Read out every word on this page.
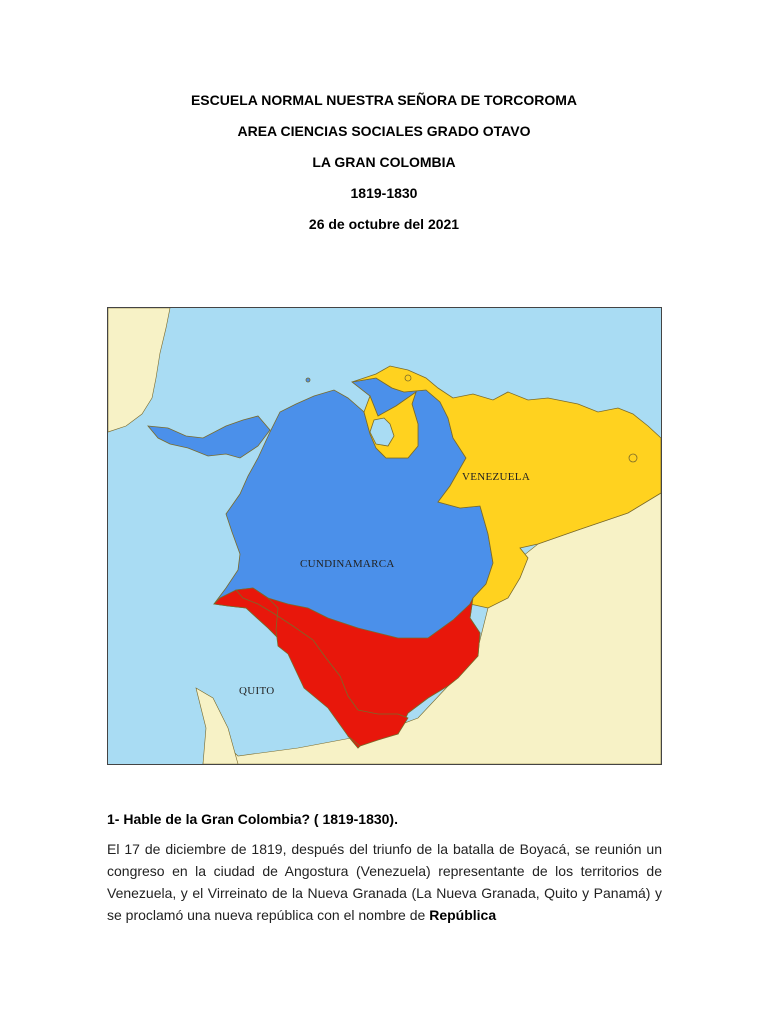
ESCUELA NORMAL NUESTRA SEÑORA DE TORCOROMA

AREA CIENCIAS SOCIALES GRADO OTAVO

LA GRAN COLOMBIA

1819-1830

26 de octubre del 2021

VENEZUELA
CUNDINAMARCA
QUITO

1- Hable de la Gran Colombia? ( 1819-1830).

El 17 de diciembre de 1819, después del triunfo de la batalla de Boyacá, se reunión un congreso en la ciudad de Angostura (Venezuela) representante de los territorios de Venezuela, y el Virreinato de la Nueva Granada (La Nueva Granada, Quito y Panamá) y se proclamó una nueva república con el nombre de República
